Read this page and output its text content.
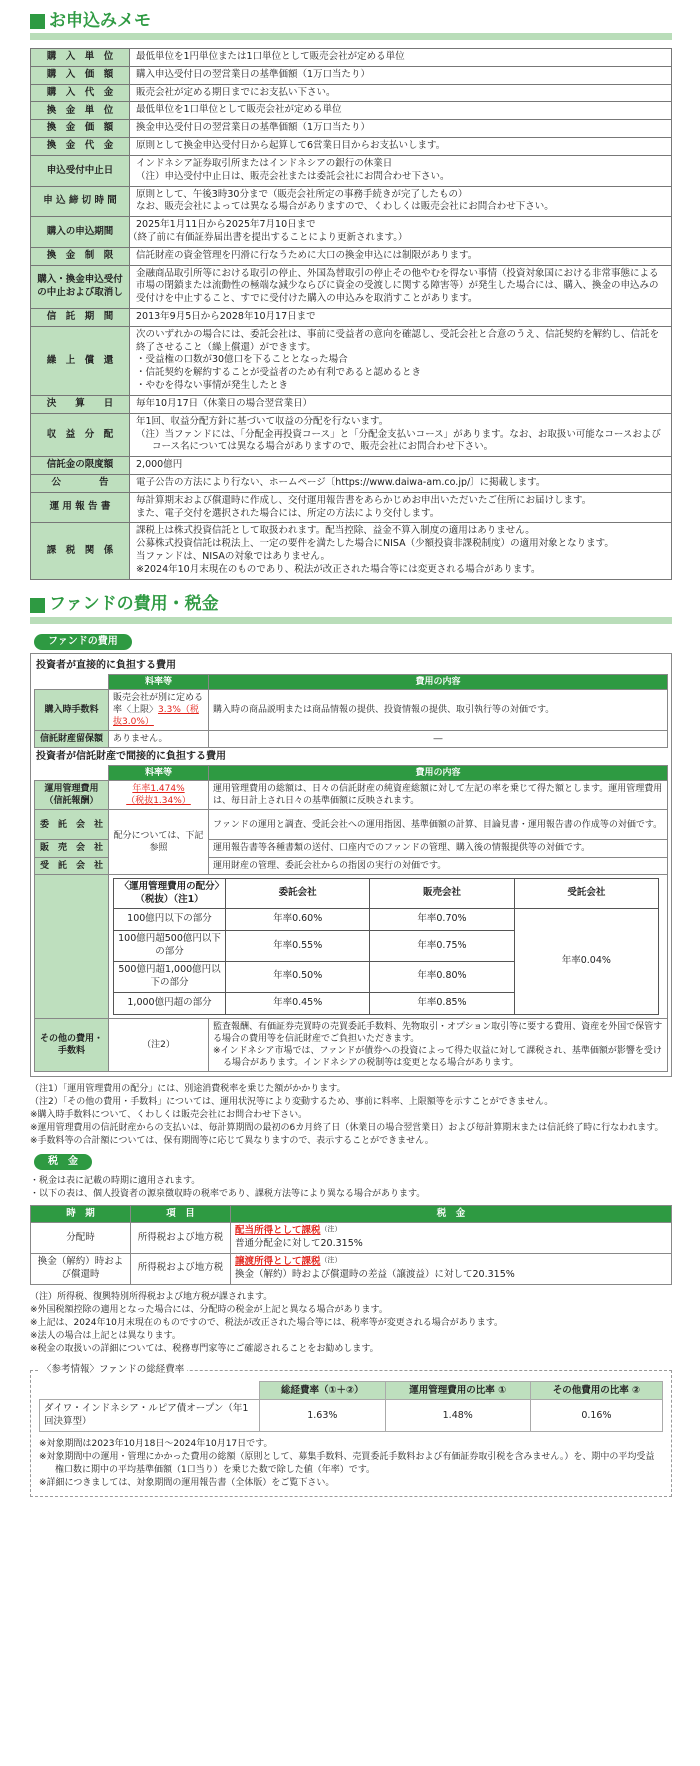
お申込みメモ
購　入　単　位	最低単位を1円単位または1口単位として販売会社が定める単位

購　入　価　額	購入申込受付日の翌営業日の基準価額（1万口当たり）

購　入　代　金	販売会社が定める期日までにお支払い下さい。

換　金　単　位	最低単位を1口単位として販売会社が定める単位

換　金　価　額	換金申込受付日の翌営業日の基準価額（1万口当たり）

換　金　代　金	原則として換金申込受付日から起算して6営業日目からお支払いします。

申込受付中止日	インドネシア証券取引所またはインドネシアの銀行の休業日
（注）申込受付中止日は、販売会社または委託会社にお問合わせ下さい。

申 込 締 切 時 間	原則として、午後3時30分まで（販売会社所定の事務手続きが完了したもの）
なお、販売会社によっては異なる場合がありますので、くわしくは販売会社にお問合わせ下さい。

購入の申込期間	2025年1月11日から2025年7月10日まで
（終了前に有価証券届出書を提出することにより更新されます。）

換　金　制　限	信託財産の資金管理を円滑に行なうために大口の換金申込には制限があります。

購入・換金申込受付の中止および取消し	金融商品取引所等における取引の停止、外国為替取引の停止その他やむを得ない事情（投資対象国における非常事態による市場の閉鎖または流動性の極端な減少ならびに資金の受渡しに関する障害等）が発生した場合には、購入、換金の申込みの受付けを中止すること、すでに受付けた購入の申込みを取消すことがあります。

信　託　期　間	2013年9月5日から2028年10月17日まで

繰　上　償　還	次のいずれかの場合には、委託会社は、事前に受益者の意向を確認し、受託会社と合意のうえ、信託契約を解約し、信託を終了させること（繰上償還）ができます。
・受益権の口数が30億口を下ることとなった場合
・信託契約を解約することが受益者のため有利であると認めるとき
・やむを得ない事情が発生したとき

決　　算　　日	毎年10月17日（休業日の場合翌営業日）

収　益　分　配	年1回、収益分配方針に基づいて収益の分配を行ないます。
（注）当ファンドには、「分配金再投資コース」と「分配金支払いコース」があります。なお、お取扱い可能なコースおよびコース名については異なる場合がありますので、販売会社にお問合わせ下さい。

信託金の限度額	2,000億円

公　　　　告	電子公告の方法により行ない、ホームページ〔https://www.daiwa-am.co.jp/〕に掲載します。

運 用 報 告 書	毎計算期末および償還時に作成し、交付運用報告書をあらかじめお申出いただいたご住所にお届けします。
また、電子交付を選択された場合には、所定の方法により交付します。

課　税　関　係	課税上は株式投資信託として取扱われます。配当控除、益金不算入制度の適用はありません。
公募株式投資信託は税法上、一定の要件を満たした場合にNISA（少額投資非課税制度）の適用対象となります。
当ファンドは、NISAの対象ではありません。
※2024年10月末現在のものであり、税法が改正された場合等には変更される場合があります。
ファンドの費用・税金
ファンドの費用
投資者が直接的に負担する費用
	料率等	費用の内容
購入時手数料	販売会社が別に定める率〈上限〉3.3%（税抜3.0%）	購入時の商品説明または商品情報の提供、投資情報の提供、取引執行等の対価です。
信託財産留保額	ありません。	―
投資者が信託財産で間接的に負担する費用
	料率等	費用の内容
運用管理費用（信託報酬）	年率1.474%
（税抜1.34%）	運用管理費用の総額は、日々の信託財産の純資産総額に対して左記の率を乗じて得た額とします。運用管理費用は、毎日計上され日々の基準価額に反映されます。
委　託　会　社	配分については、下記参照	ファンドの運用と調査、受託会社への運用指図、基準価額の計算、目論見書・運用報告書の作成等の対価です。
販　売　会　社	運用報告書等各種書類の送付、口座内でのファンドの管理、購入後の情報提供等の対価です。
受　託　会　社	運用財産の管理、委託会社からの指図の実行の対価です。

〈運用管理費用の配分〉（税抜）（注1）	委託会社	販売会社	受託会社
100億円以下の部分	年率0.60%	年率0.70%	年率0.04%
100億円超500億円以下の部分	年率0.55%	年率0.75%
500億円超1,000億円以下の部分	年率0.50%	年率0.80%
1,000億円超の部分	年率0.45%	年率0.85%

その他の費用・手数料	（注2）	
監査報酬、有価証券売買時の売買委託手数料、先物取引・オプション取引等に要する費用、資産を外国で保管する場合の費用等を信託財産でご負担いただきます。
※インドネシア市場では、ファンドが債券への投資によって得た収益に対して課税され、基準価額が影響を受ける場合があります。インドネシアの税制等は変更となる場合があります。
（注1）「運用管理費用の配分」には、別途消費税率を乗じた額がかかります。
（注2）「その他の費用・手数料」については、運用状況等により変動するため、事前に料率、上限額等を示すことができません。
※購入時手数料について、くわしくは販売会社にお問合わせ下さい。
※運用管理費用の信託財産からの支払いは、毎計算期間の最初の6カ月終了日（休業日の場合翌営業日）および毎計算期末または信託終了時に行なわれます。
※手数料等の合計額については、保有期間等に応じて異なりますので、表示することができません。
税　金
・税金は表に記載の時期に適用されます。
・以下の表は、個人投資者の源泉徴収時の税率であり、課税方法等により異なる場合があります。
時　期	項　目	税　金
分配時	所得税および地方税	配当所得として課税$^{(注)}$
普通分配金に対して20.315%
換金（解約）時および償還時	所得税および地方税	譲渡所得として課税$^{(注)}$
換金（解約）時および償還時の差益（譲渡益）に対して20.315%
（注）所得税、復興特別所得税および地方税が課されます。
※外国税額控除の適用となった場合には、分配時の税金が上記と異なる場合があります。
※上記は、2024年10月末現在のものですので、税法が改正された場合等には、税率等が変更される場合があります。
※法人の場合は上記とは異なります。
※税金の取扱いの詳細については、税務専門家等にご確認されることをお勧めします。
〈参考情報〉ファンドの総経費率
	総経費率（①＋②）	運用管理費用の比率 ①	その他費用の比率 ②
ダイワ・インドネシア・ルピア債オープン（年1回決算型）	1.63%	1.48%	0.16%
※対象期間は2023年10月18日～2024年10月17日です。
※対象期間中の運用・管理にかかった費用の総額（原則として、募集手数料、売買委託手数料および有価証券取引税を含みません。）を、期中の平均受益権口数に期中の平均基準価額（1口当り）を乗じた数で除した値（年率）です。
※詳細につきましては、対象期間の運用報告書（全体版）をご覧下さい。
